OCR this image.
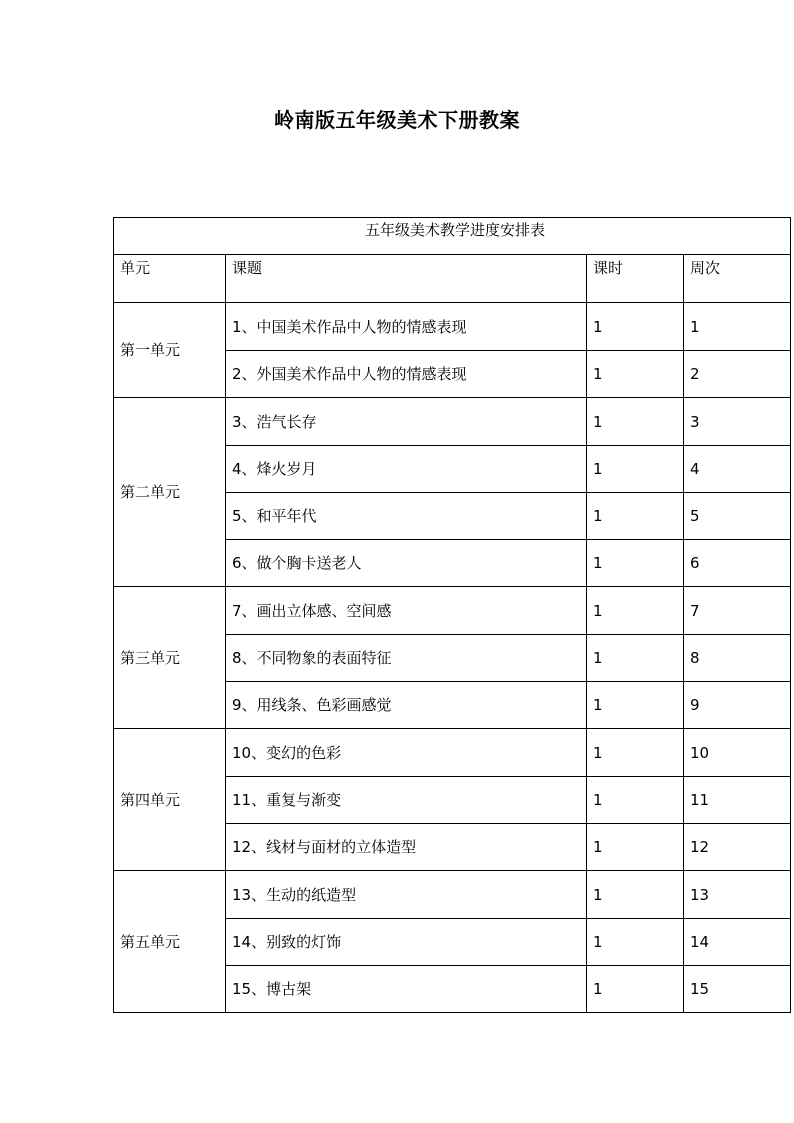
岭南版五年级美术下册教案
五年级美术教学进度安排表			
单元	课题	课时	周次
第一单元	1、中国美术作品中人物的情感表现	1	1
	2、外国美术作品中人物的情感表现	1	2
第二单元	3、浩气长存	1	3
	4、烽火岁月	1	4
	5、和平年代	1	5
	6、做个胸卡送老人	1	6
第三单元	7、画出立体感、空间感	1	7
	8、不同物象的表面特征	1	8
	9、用线条、色彩画感觉	1	9
第四单元	10、变幻的色彩	1	10
	11、重复与渐变	1	11
	12、线材与面材的立体造型	1	12
第五单元	13、生动的纸造型	1	13
	14、别致的灯饰	1	14
	15、博古架	1	15
